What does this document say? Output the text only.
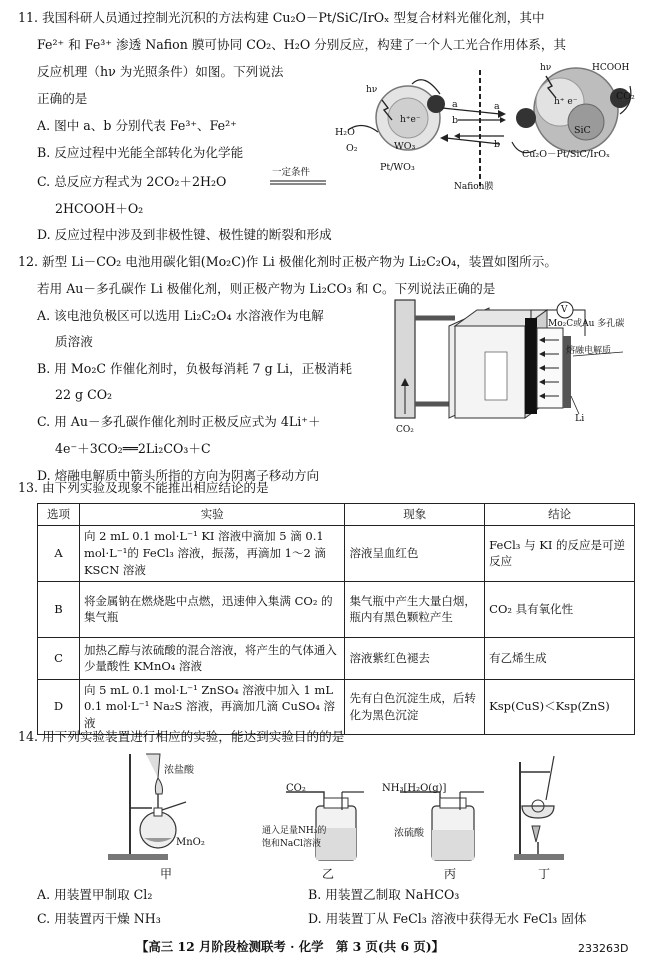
11. 我国科研人员通过控制光沉积的方法构建 Cu₂O－Pt/SiC/IrOₓ 型复合材料光催化剂，其中
Fe²⁺ 和 Fe³⁺ 渗透 Nafion 膜可协同 CO₂、H₂O 分别反应，构建了一个人工光合作用体系，其
反应机理（hν 为光照条件）如图。下列说法
正确的是
A. 图中 a、b 分别代表 Fe³⁺、Fe²⁺
B. 反应过程中光能全部转化为化学能
C. 总反应方程式为 2CO₂＋2H₂O
一定条件
2HCOOH＋O₂
D. 反应过程中涉及到非极性键、极性键的断裂和形成
h⁺e⁻
h⁺ e⁻
hν
H₂O
O₂	WO₃
Pt/WO₃
a
b
a
b
Nafion膜
hν	HCOOH
CO₂
SiC
Cu₂O－Pt/SiC/IrOₓ
12. 新型 Li－CO₂ 电池用碳化钼(Mo₂C)作 Li 极催化剂时正极产物为 Li₂C₂O₄，装置如图所示。
若用 Au－多孔碳作 Li 极催化剂，则正极产物为 Li₂CO₃ 和 C。下列说法正确的是
A. 该电池负极区可以选用 Li₂C₂O₄ 水溶液作为电解
质溶液
B. 用 Mo₂C 作催化剂时，负极每消耗 7 g Li，正极消耗
22 g CO₂
C. 用 Au－多孔碳作催化剂时正极反应式为 4Li⁺＋
4e⁻＋3CO₂══2Li₂CO₃＋C
D. 熔融电解质中箭头所指的方向为阴离子移动方向
V
Mo₂C或Au 多孔碳
熔融电解质
Li
CO₂
13. 由下列实验及现象不能推出相应结论的是
选项	实验	现象	结论
A	向 2 mL 0.1 mol·L⁻¹ KI 溶液中滴加 5 滴 0.1 mol·L⁻¹的 FeCl₃ 溶液，振荡，再滴加 1～2 滴 KSCN 溶液	溶液呈血红色	FeCl₃ 与 KI 的反应是可逆反应
B	将金属钠在燃烧匙中点燃，迅速伸入集满 CO₂ 的集气瓶	集气瓶中产生大量白烟，瓶内有黑色颗粒产生	CO₂ 具有氧化性
C	加热乙醇与浓硫酸的混合溶液，将产生的气体通入少量酸性 KMnO₄ 溶液	溶液紫红色褪去	有乙烯生成
D	向 5 mL 0.1 mol·L⁻¹ ZnSO₄ 溶液中加入 1 mL 0.1 mol·L⁻¹ Na₂S 溶液，再滴加几滴 CuSO₄ 溶液	先有白色沉淀生成，后转化为黑色沉淀	Ksp(CuS)＜Ksp(ZnS)
14. 用下列实验装置进行相应的实验，能达到实验目的的是
浓盐酸
MnO₂
甲
CO₂
通入足量NH₃的
饱和NaCl溶液
乙
NH₃[H₂O(g)]
浓硫酸
丙	丁
A. 用装置甲制取 Cl₂	B. 用装置乙制取 NaHCO₃
C. 用装置丙干燥 NH₃	D. 用装置丁从 FeCl₃ 溶液中获得无水 FeCl₃ 固体
【高三 12 月阶段检测联考 · 化学　第 3 页(共 6 页)】	233263D
